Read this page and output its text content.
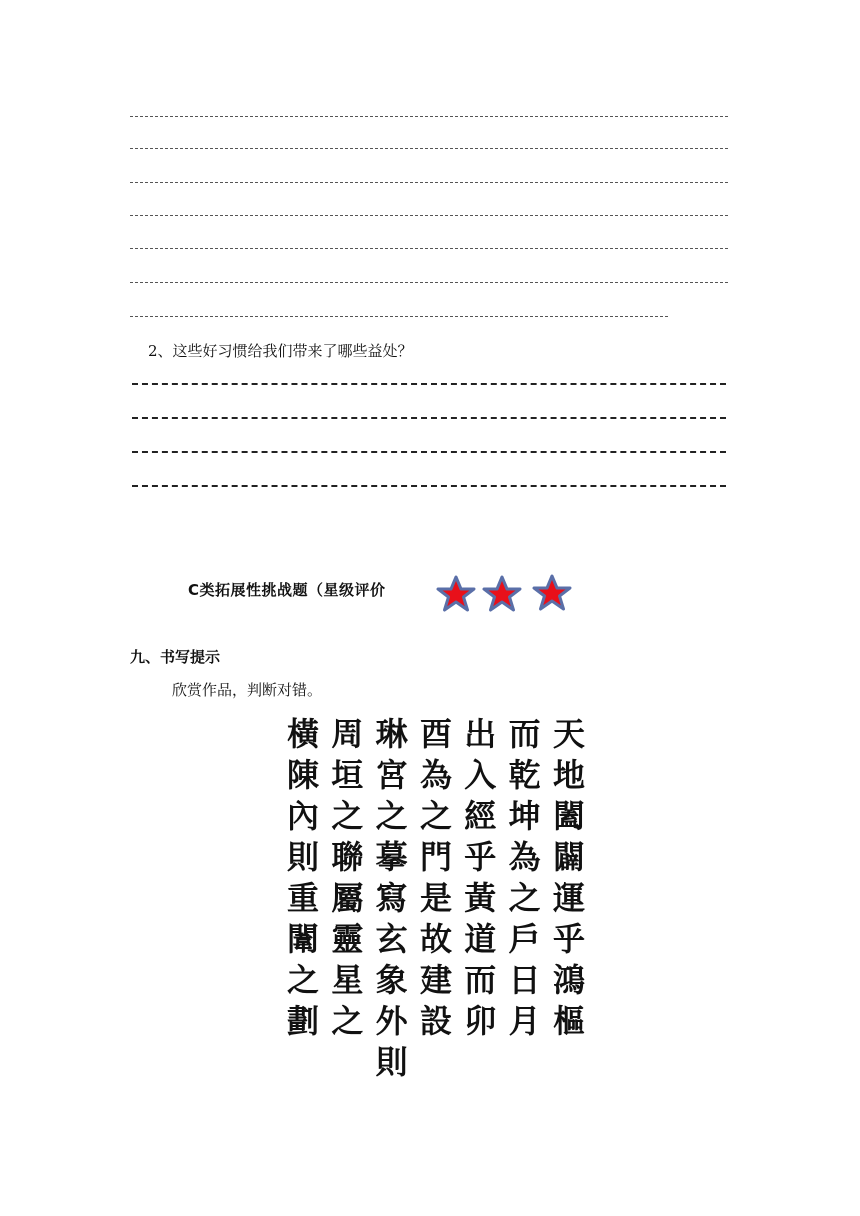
2、这些好习惯给我们带来了哪些益处？
C类拓展性挑战题（星级评价
九、书写提示
欣赏作品，判断对错。
天
地
闔
闢
運
乎
鴻
樞
而
乾
坤
為
之
戶
日
月
出
入
經
乎
黃
道
而
卯
酉
為
之
門
是
故
建
設
琳
宮
之
摹
寫
玄
象
外
則
周
垣
之
聯
屬
靈
星
之
橫
陳
內
則
重
闈
之
劃
